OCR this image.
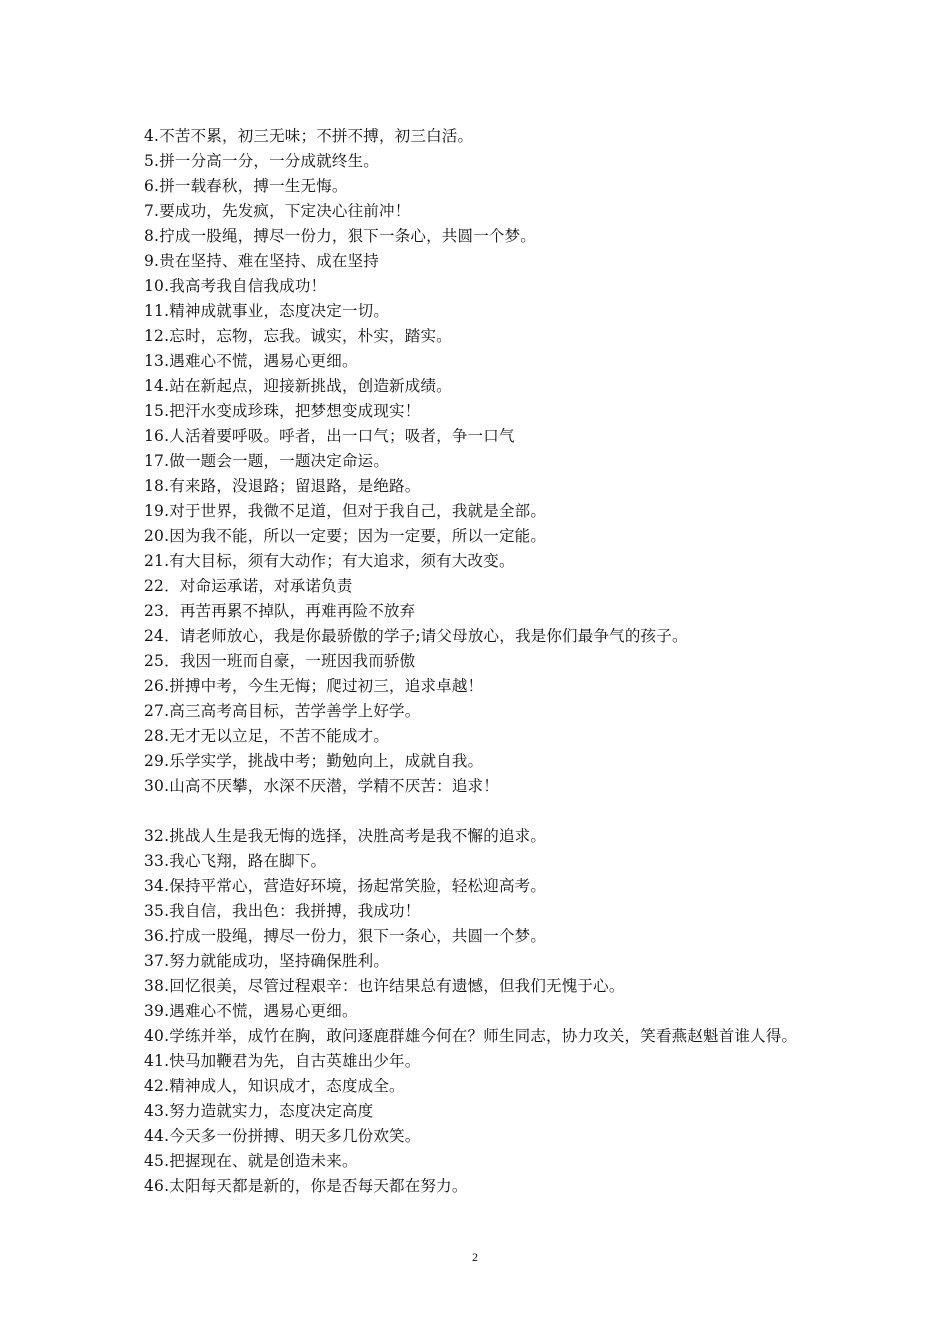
4.不苦不累，初三无味；不拼不搏，初三白活。
5.拼一分高一分，一分成就终生。
6.拼一载春秋，搏一生无悔。
7.要成功，先发疯，下定决心往前冲！
8.拧成一股绳，搏尽一份力，狠下一条心，共圆一个梦。
9.贵在坚持、难在坚持、成在坚持
10.我高考我自信我成功！
11.精神成就事业，态度决定一切。
12.忘时，忘物，忘我。诚实，朴实，踏实。
13.遇难心不慌，遇易心更细。
14.站在新起点，迎接新挑战，创造新成绩。
15.把汗水变成珍珠，把梦想变成现实！
16.人活着要呼吸。呼者，出一口气；吸者，争一口气
17.做一题会一题，一题决定命运。
18.有来路，没退路；留退路，是绝路。
19.对于世界，我微不足道，但对于我自己，我就是全部。
20.因为我不能，所以一定要；因为一定要，所以一定能。
21.有大目标，须有大动作；有大追求，须有大改变。
22．对命运承诺，对承诺负责
23．再苦再累不掉队，再难再险不放弃
24．请老师放心，我是你最骄傲的学子;请父母放心，我是你们最争气的孩子。
25．我因一班而自豪，一班因我而骄傲
26.拼搏中考，今生无悔；爬过初三，追求卓越！
27.高三高考高目标，苦学善学上好学。
28.无才无以立足，不苦不能成才。
29.乐学实学，挑战中考；勤勉向上，成就自我。
30.山高不厌攀，水深不厌潜，学精不厌苦：追求！
32.挑战人生是我无悔的选择，决胜高考是我不懈的追求。
33.我心飞翔，路在脚下。
34.保持平常心，营造好环境，扬起常笑脸，轻松迎高考。
35.我自信，我出色：我拼搏，我成功！
36.拧成一股绳，搏尽一份力，狠下一条心，共圆一个梦。
37.努力就能成功，坚持确保胜利。
38.回忆很美，尽管过程艰辛：也许结果总有遗憾，但我们无愧于心。
39.遇难心不慌，遇易心更细。
40.学练并举，成竹在胸，敢问逐鹿群雄今何在？师生同志，协力攻关，笑看燕赵魁首谁人得。
41.快马加鞭君为先，自古英雄出少年。
42.精神成人，知识成才，态度成全。
43.努力造就实力，态度决定高度
44.今天多一份拼搏、明天多几份欢笑。
45.把握现在、就是创造未来。
46.太阳每天都是新的，你是否每天都在努力。
2
